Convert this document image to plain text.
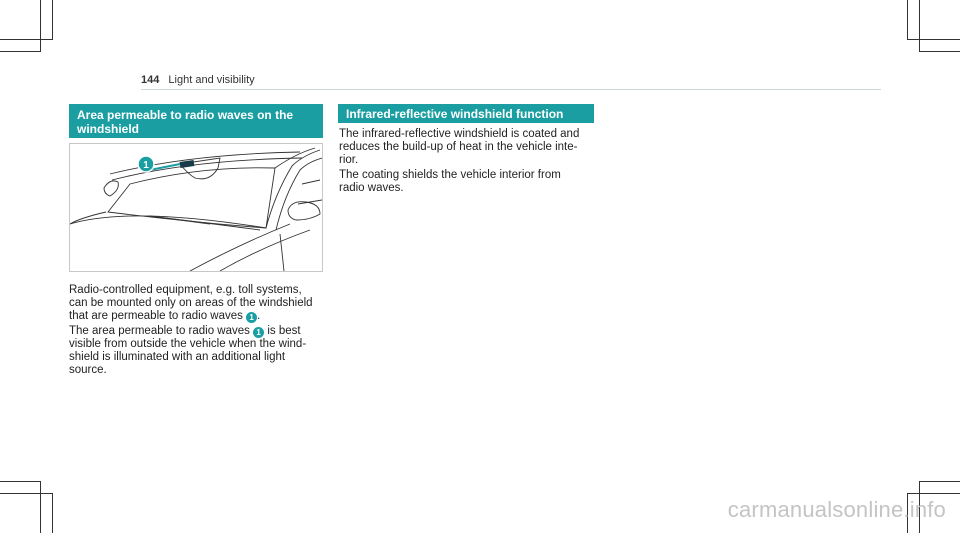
144 Light and visibility
Area permeable to radio waves on the
windshield
1

Radio-controlled equipment, e.g. toll systems,
can be mounted only on areas of the windshield
that are permeable to radio waves 1 .

The area permeable to radio waves 1 is best
visible from outside the vehicle when the wind-
shield is illuminated with an additional light
source.

Infrared-reflective windshield function

The infrared-reflective windshield is coated and
reduces the build-up of heat in the vehicle inte-
rior.

The coating shields the vehicle interior from
radio waves.

carmanualsonline.info
